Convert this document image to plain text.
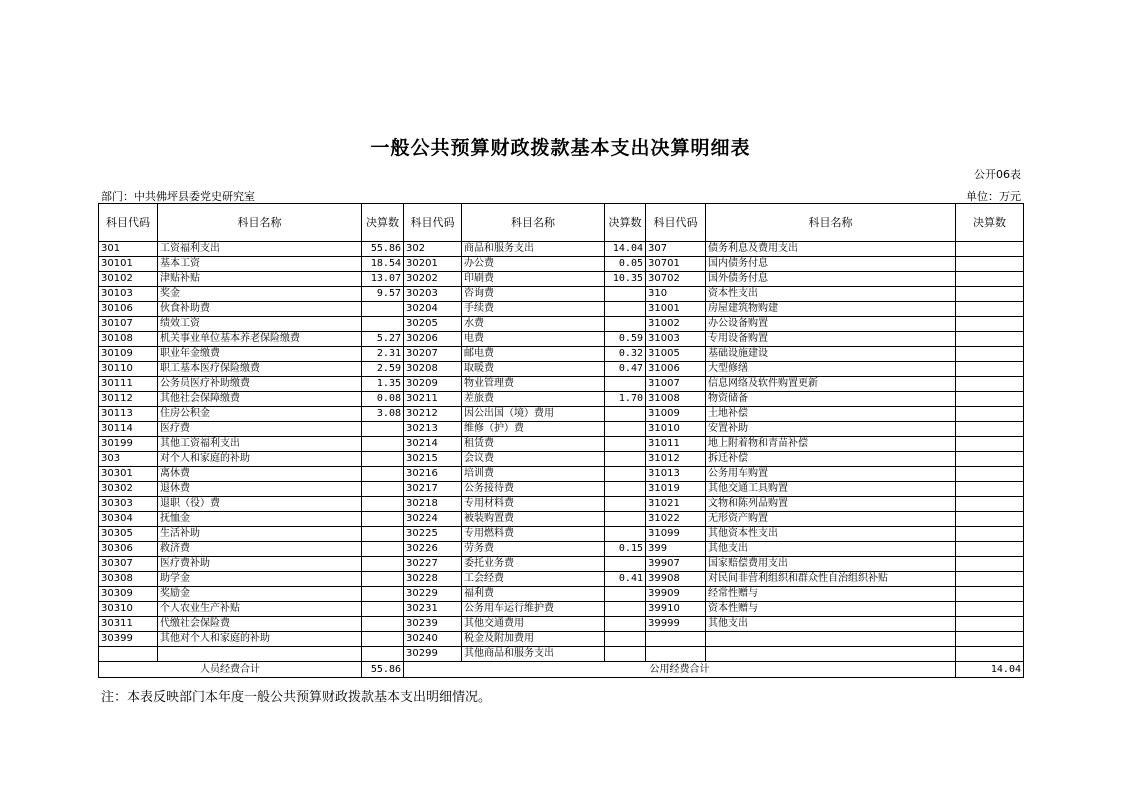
一般公共预算财政拨款基本支出决算明细表
公开06表
部门：中共佛坪县委党史研究室	单位：万元
科目代码	科目名称	决算数	科目代码	科目名称	决算数	科目代码	科目名称	决算数
301	工资福利支出	55.86	302	商品和服务支出	14.04	307	债务利息及费用支出	
30101	基本工资	18.54	30201	办公费	0.05	30701	国内债务付息	
30102	津贴补贴	13.07	30202	印刷费	10.35	30702	国外债务付息	
30103	奖金	9.57	30203	咨询费		310	资本性支出	
30106	伙食补助费		30204	手续费		31001	房屋建筑物购建	
30107	绩效工资		30205	水费		31002	办公设备购置	
30108	机关事业单位基本养老保险缴费	5.27	30206	电费	0.59	31003	专用设备购置	
30109	职业年金缴费	2.31	30207	邮电费	0.32	31005	基础设施建设	
30110	职工基本医疗保险缴费	2.59	30208	取暖费	0.47	31006	大型修缮	
30111	公务员医疗补助缴费	1.35	30209	物业管理费		31007	信息网络及软件购置更新	
30112	其他社会保障缴费	0.08	30211	差旅费	1.70	31008	物资储备	
30113	住房公积金	3.08	30212	因公出国（境）费用		31009	土地补偿	
30114	医疗费		30213	维修（护）费		31010	安置补助	
30199	其他工资福利支出		30214	租赁费		31011	地上附着物和青苗补偿	
303	对个人和家庭的补助		30215	会议费		31012	拆迁补偿	
30301	离休费		30216	培训费		31013	公务用车购置	
30302	退休费		30217	公务接待费		31019	其他交通工具购置	
30303	退职（役）费		30218	专用材料费		31021	文物和陈列品购置	
30304	抚恤金		30224	被装购置费		31022	无形资产购置	
30305	生活补助		30225	专用燃料费		31099	其他资本性支出	
30306	救济费		30226	劳务费	0.15	399	其他支出	
30307	医疗费补助		30227	委托业务费		39907	国家赔偿费用支出	
30308	助学金		30228	工会经费	0.41	39908	对民间非营利组织和群众性自治组织补贴	
30309	奖励金		30229	福利费		39909	经常性赠与	
30310	个人农业生产补贴		30231	公务用车运行维护费		39910	资本性赠与	
30311	代缴社会保险费		30239	其他交通费用		39999	其他支出	
30399	其他对个人和家庭的补助		30240	税金及附加费用				
			30299	其他商品和服务支出				
人员经费合计		55.86	公用经费合计					14.04
注：本表反映部门本年度一般公共预算财政拨款基本支出明细情况。
